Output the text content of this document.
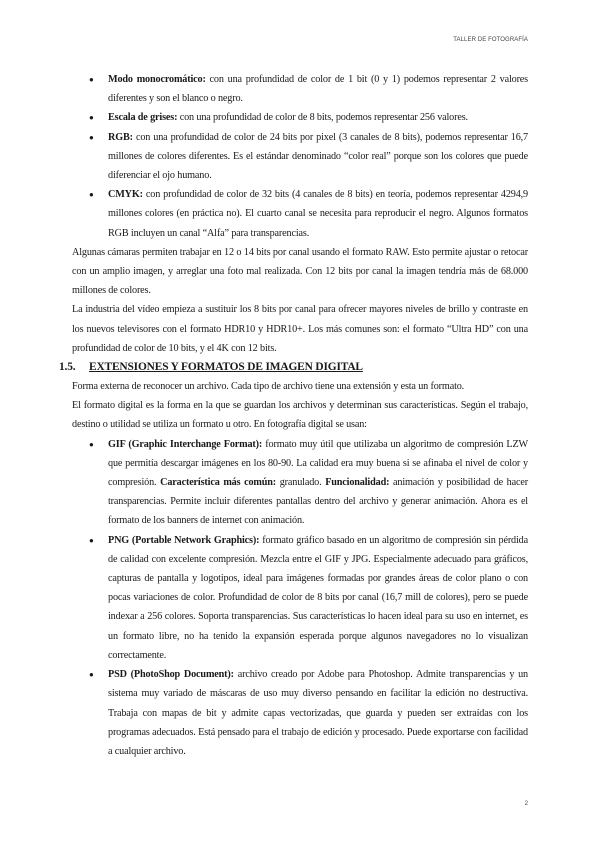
TALLER DE FOTOGRAFÍA
● Modo monocromático: con una profundidad de color de 1 bit (0 y 1) podemos representar 2 valores diferentes y son el blanco o negro.
● Escala de grises: con una profundidad de color de 8 bits, podemos representar 256 valores.
● RGB: con una profundidad de color de 24 bits por pixel (3 canales de 8 bits), podemos representar 16,7 millones de colores diferentes. Es el estándar denominado “color real” porque son los colores que puede diferenciar el ojo humano.
● CMYK: con profundidad de color de 32 bits (4 canales de 8 bits) en teoría, podemos representar 4294,9 millones colores (en práctica no). El cuarto canal se necesita para reproducir el negro. Algunos formatos RGB incluyen un canal “Alfa” para transparencias.

Algunas cámaras permiten trabajar en 12 o 14 bits por canal usando el formato RAW. Esto permite ajustar o retocar con un amplio imagen, y arreglar una foto mal realizada. Con 12 bits por canal la imagen tendría más de 68.000 millones de colores.

La industria del vídeo empieza a sustituir los 8 bits por canal para ofrecer mayores niveles de brillo y contraste en los nuevos televisores con el formato HDR10 y HDR10+. Los más comunes son: el formato “Ultra HD” con una profundidad de color de 10 bits, y el 4K con 12 bits.

1.5. EXTENSIONES Y FORMATOS DE IMAGEN DIGITAL

Forma externa de reconocer un archivo. Cada tipo de archivo tiene una extensión y esta un formato.

El formato digital es la forma en la que se guardan los archivos y determinan sus características. Según el trabajo, destino o utilidad se utiliza un formato u otro. En fotografía digital se usan:

● GIF (Graphic Interchange Format): formato muy útil que utilizaba un algoritmo de compresión LZW que permitía descargar imágenes en los 80-90. La calidad era muy buena si se afinaba el nivel de color y compresión. Característica más común: granulado. Funcionalidad: animación y posibilidad de hacer transparencias. Permite incluir diferentes pantallas dentro del archivo y generar animación. Ahora es el formato de los banners de internet con animación.
● PNG (Portable Network Graphics): formato gráfico basado en un algoritmo de compresión sin pérdida de calidad con excelente compresión. Mezcla entre el GIF y JPG. Especialmente adecuado para gráficos, capturas de pantalla y logotipos, ideal para imágenes formadas por grandes áreas de color plano o con pocas variaciones de color. Profundidad de color de 8 bits por canal (16,7 mill de colores), pero se puede indexar a 256 colores. Soporta transparencias. Sus características lo hacen ideal para su uso en internet, es un formato libre, no ha tenido la expansión esperada porque algunos navegadores no lo visualizan correctamente.
● PSD (PhotoShop Document): archivo creado por Adobe para Photoshop. Admite transparencias y un sistema muy variado de máscaras de uso muy diverso pensando en facilitar la edición no destructiva. Trabaja con mapas de bit y admite capas vectorizadas, que guarda y pueden ser extraídas con los programas adecuados. Está pensado para el trabajo de edición y procesado. Puede exportarse con facilidad a cualquier archivo.
2
